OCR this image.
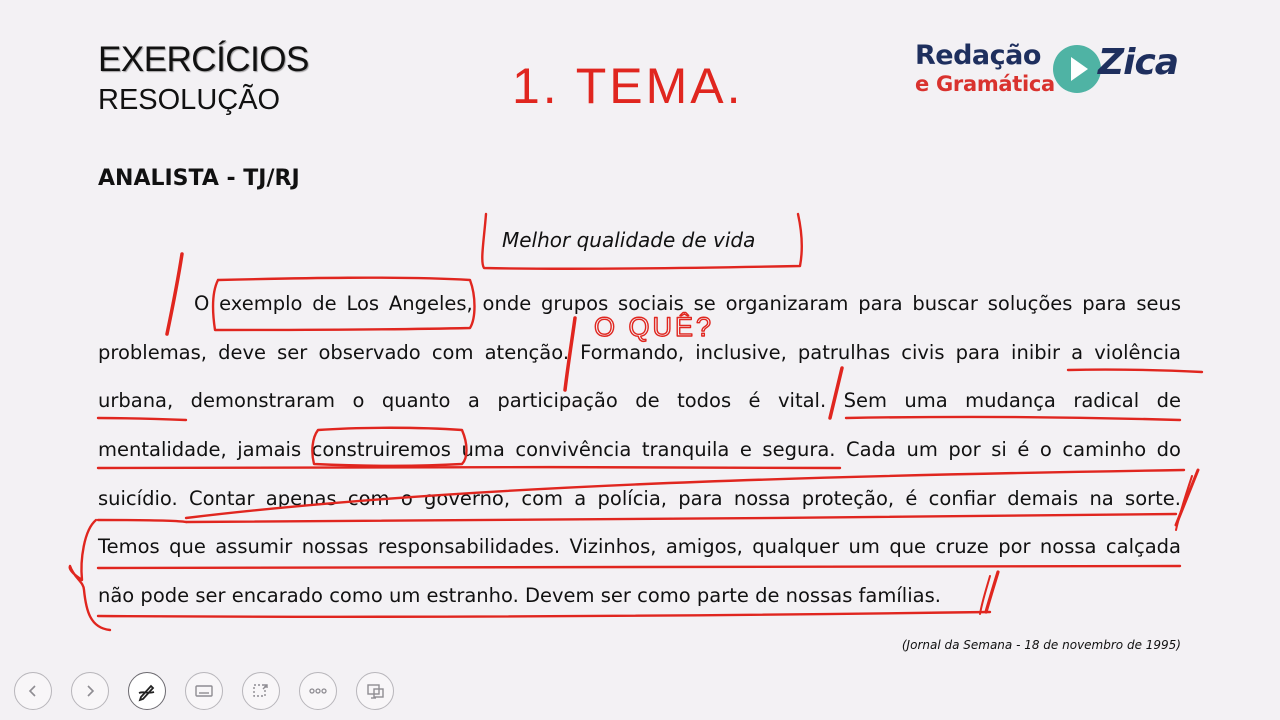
EXERCÍCIOS
RESOLUÇÃO
ANALISTA - TJ/RJ
Redação
e Gramática
Zica
Melhor qualidade de vida
O exemplo de Los Angeles, onde grupos sociais se organizaram para buscar soluções para seus
problemas, deve ser observado com atenção. Formando, inclusive, patrulhas civis para inibir a violência
urbana, demonstraram o quanto a participação de todos é vital. Sem uma mudança radical de
mentalidade, jamais construiremos uma convivência tranquila e segura. Cada um por si é o caminho do
suicídio. Contar apenas com o governo, com a polícia, para nossa proteção, é confiar demais na sorte.
Temos que assumir nossas responsabilidades. Vizinhos, amigos, qualquer um que cruze por nossa calçada
não pode ser encarado como um estranho. Devem ser como parte de nossas famílias.
(Jornal da Semana - 18 de novembro de 1995)
1. TEMA.
O QUÊ?
